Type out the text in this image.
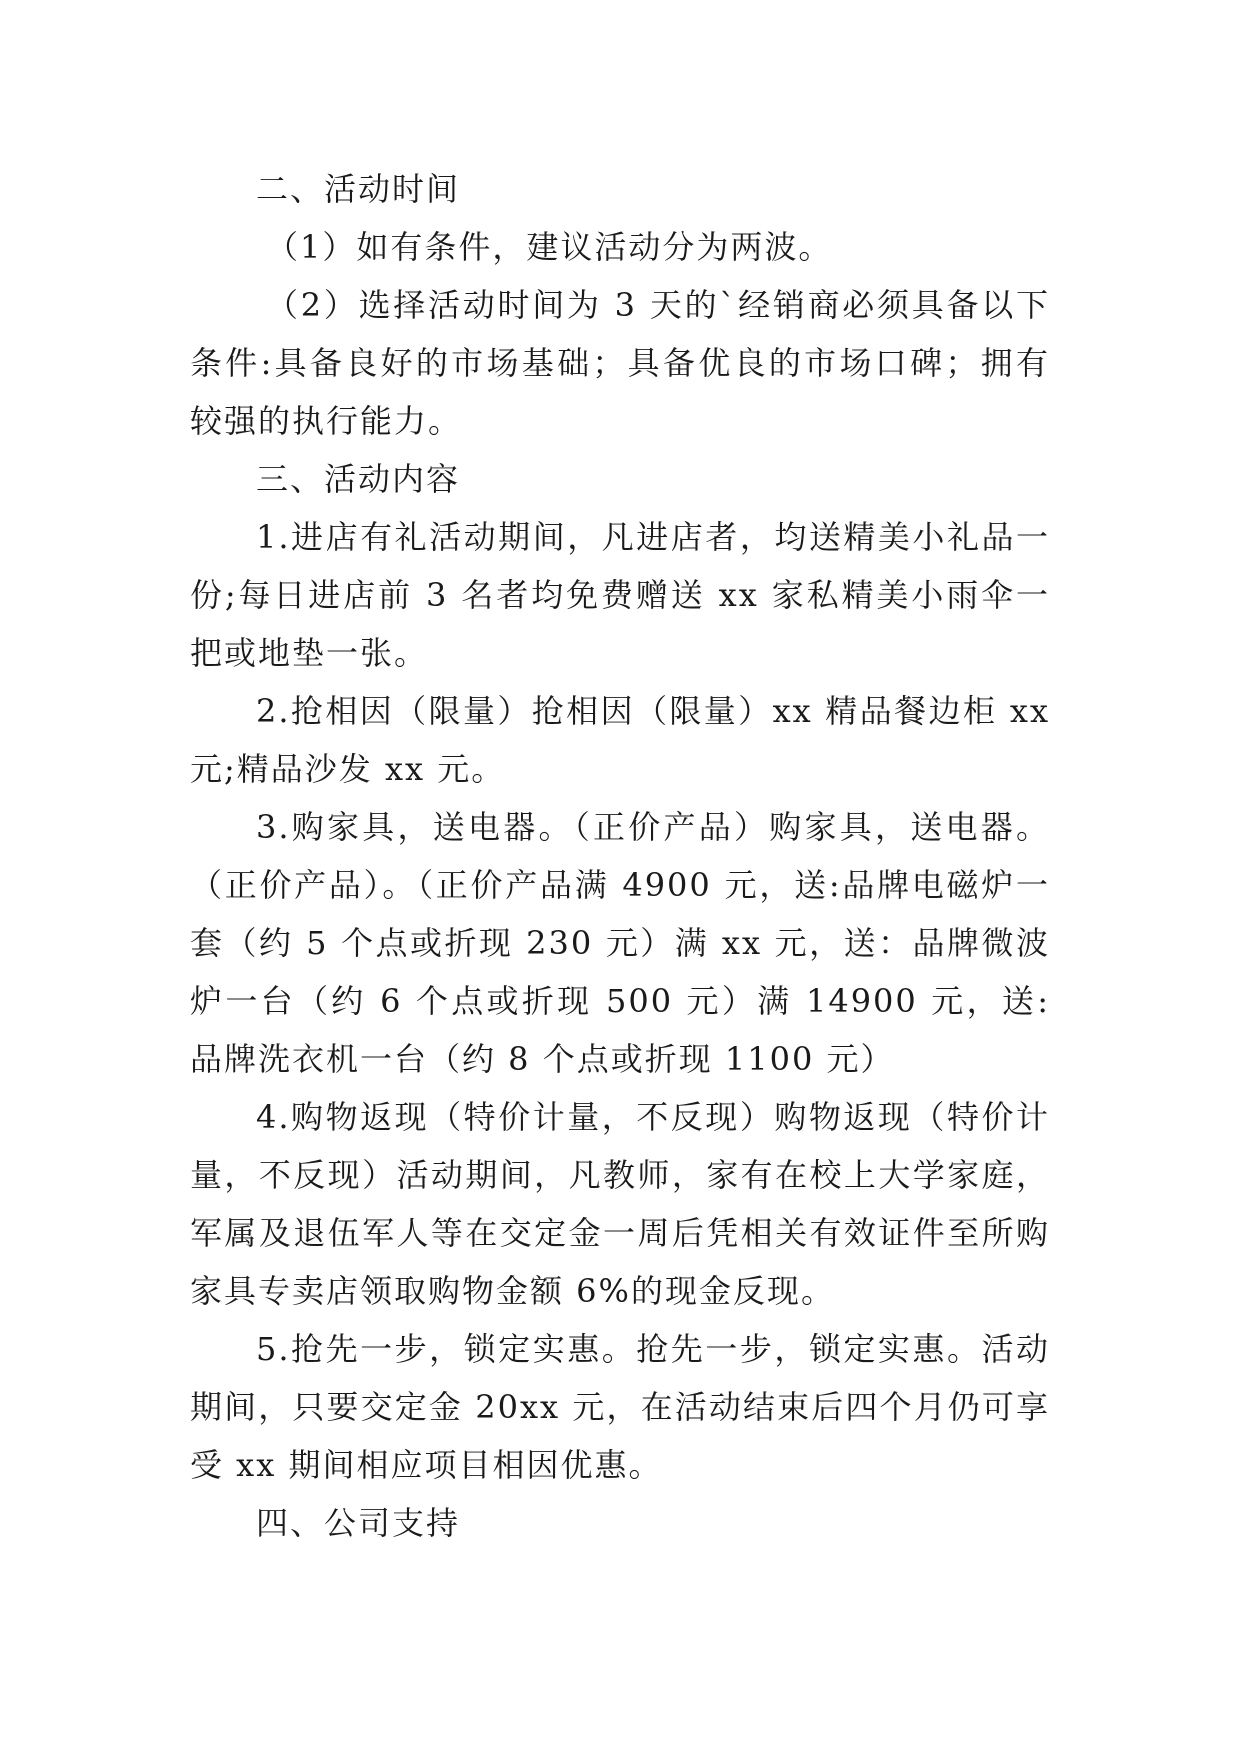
二、活动时间

（1）如有条件，建议活动分为两波。

（2）选择活动时间为 3 天的`经销商必须具备以下条件:具备良好的市场基础；具备优良的市场口碑；拥有较强的执行能力。

三、活动内容

1.进店有礼活动期间，凡进店者，均送精美小礼品一份;每日进店前 3 名者均免费赠送 xx 家私精美小雨伞一把或地垫一张。

2.抢相因（限量）抢相因（限量）xx 精品餐边柜 xx 元;精品沙发 xx 元。

3.购家具，送电器。（正价产品）购家具，送电器。（正价产品）。（正价产品满 4900 元，送:品牌电磁炉一套（约 5 个点或折现 230 元）满 xx 元，送：品牌微波炉一台（约 6 个点或折现 500 元）满 14900 元，送:品牌洗衣机一台（约 8 个点或折现 1100 元）

4.购物返现（特价计量，不反现）购物返现（特价计量，不反现）活动期间，凡教师，家有在校上大学家庭，军属及退伍军人等在交定金一周后凭相关有效证件至所购家具专卖店领取购物金额 6%的现金反现。

5.抢先一步，锁定实惠。抢先一步，锁定实惠。活动期间，只要交定金 20xx 元，在活动结束后四个月仍可享受 xx 期间相应项目相因优惠。

四、公司支持
